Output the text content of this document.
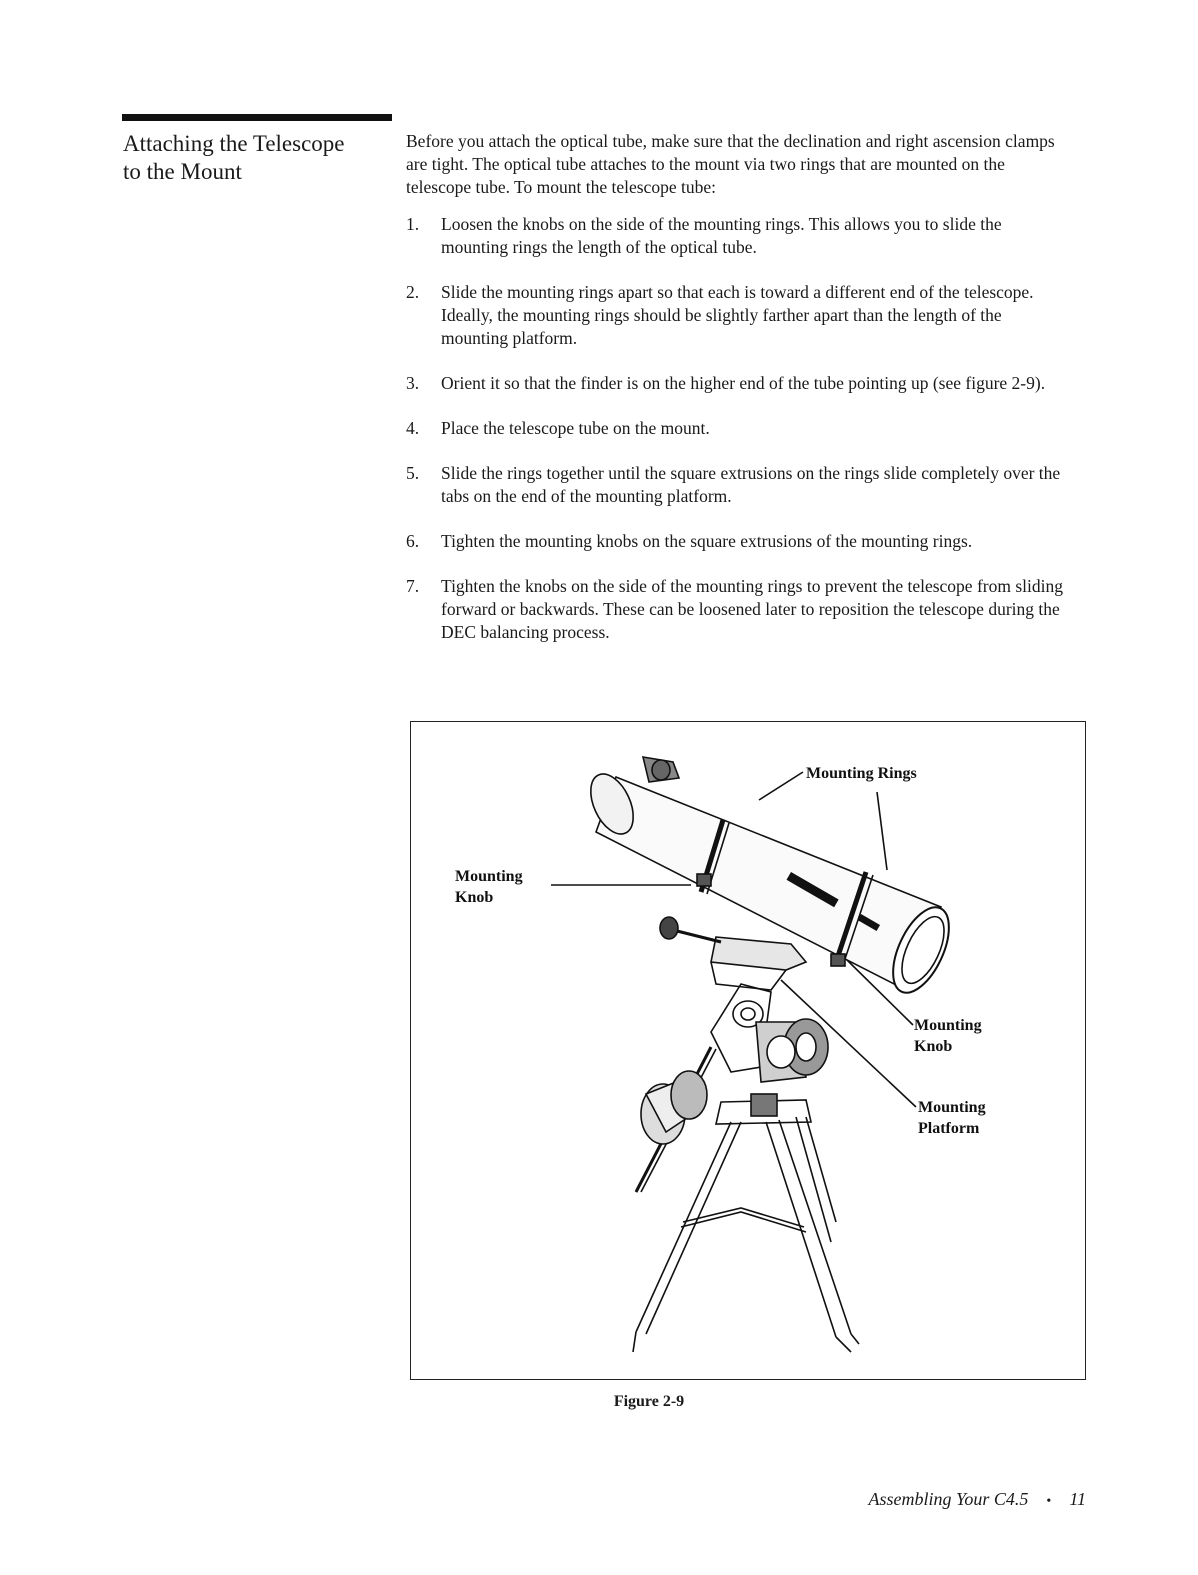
Attaching the Telescope
to the Mount

Before you attach the optical tube, make sure that the declination and right ascension clamps are tight. The optical tube attaches to the mount via two rings that are mounted on the telescope tube. To mount the telescope tube:

1. Loosen the knobs on the side of the mounting rings. This allows you to slide the mounting rings the length of the optical tube.
2. Slide the mounting rings apart so that each is toward a different end of the telescope. Ideally, the mounting rings should be slightly farther apart than the length of the mounting platform.
3. Orient it so that the finder is on the higher end of the tube pointing up (see figure 2-9).
4. Place the telescope tube on the mount.
5. Slide the rings together until the square extrusions on the rings slide completely over the tabs on the end of the mounting platform.
6. Tighten the mounting knobs on the square extrusions of the mounting rings.
7. Tighten the knobs on the side of the mounting rings to prevent the telescope from sliding forward or backwards. These can be loosened later to reposition the telescope during the DEC balancing process.
Mounting Rings
Mounting
Knob
Mounting
Knob
Mounting
Platform
Figure 2-9
Assembling Your C4.5 • 11
